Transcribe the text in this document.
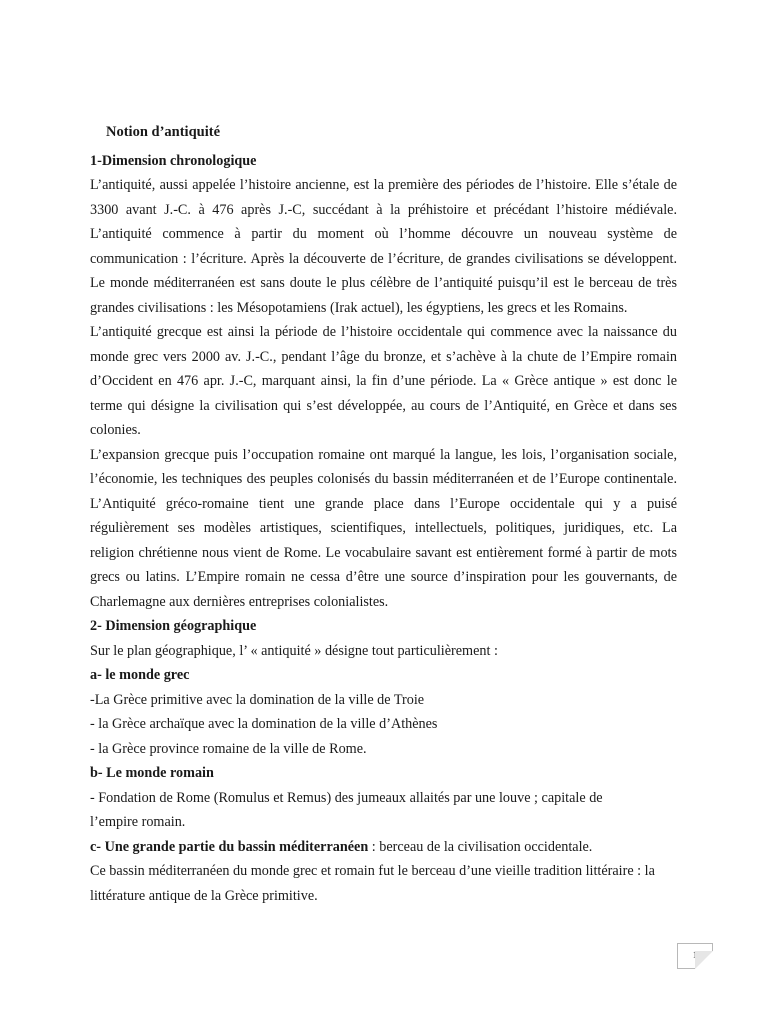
Notion d’antiquité
1-Dimension chronologique

L’antiquité, aussi appelée l’histoire ancienne, est la première des périodes de l’histoire. Elle s’étale de 3300 avant J.-C. à 476 après J.-C, succédant à la préhistoire et précédant l’histoire médiévale. L’antiquité commence à partir du moment où l’homme découvre un nouveau système de communication : l’écriture. Après la découverte de l’écriture, de grandes civilisations se développent. Le monde méditerranéen est sans doute le plus célèbre de l’antiquité puisqu’il est le berceau de très grandes civilisations : les Mésopotamiens (Irak actuel), les égyptiens, les grecs et les Romains.

L’antiquité grecque est ainsi la période de l’histoire occidentale qui commence avec la naissance du monde grec vers 2000 av. J.-C., pendant l’âge du bronze, et s’achève à la chute de l’Empire romain d’Occident en 476 apr. J.-C, marquant ainsi, la fin d’une période. La « Grèce antique » est donc le terme qui désigne la civilisation qui s’est développée, au cours de l’Antiquité, en Grèce et dans ses colonies.

L’expansion grecque puis l’occupation romaine ont marqué la langue, les lois, l’organisation sociale, l’économie, les techniques des peuples colonisés du bassin méditerranéen et de l’Europe continentale. L’Antiquité gréco-romaine tient une grande place dans l’Europe occidentale qui y a puisé régulièrement ses modèles artistiques, scientifiques, intellectuels, politiques, juridiques, etc. La religion chrétienne nous vient de Rome. Le vocabulaire savant est entièrement formé à partir de mots grecs ou latins. L’Empire romain ne cessa d’être une source d’inspiration pour les gouvernants, de Charlemagne aux dernières entreprises colonialistes.

2- Dimension géographique

Sur le plan géographique, l’ « antiquité » désigne tout particulièrement :

a- le monde grec

-La Grèce primitive avec la domination de la ville de Troie

- la Grèce archaïque avec la domination de la ville d’Athènes

- la Grèce province romaine de la ville de Rome.

b- Le monde romain

- Fondation de Rome (Romulus et Remus) des jumeaux allaités par une louve ; capitale de l’empire romain.

c- Une grande partie du bassin méditerranéen : berceau de la civilisation occidentale.

Ce bassin méditerranéen du monde grec et romain fut le berceau d’une vieille tradition littéraire : la littérature antique de la Grèce primitive.

1
